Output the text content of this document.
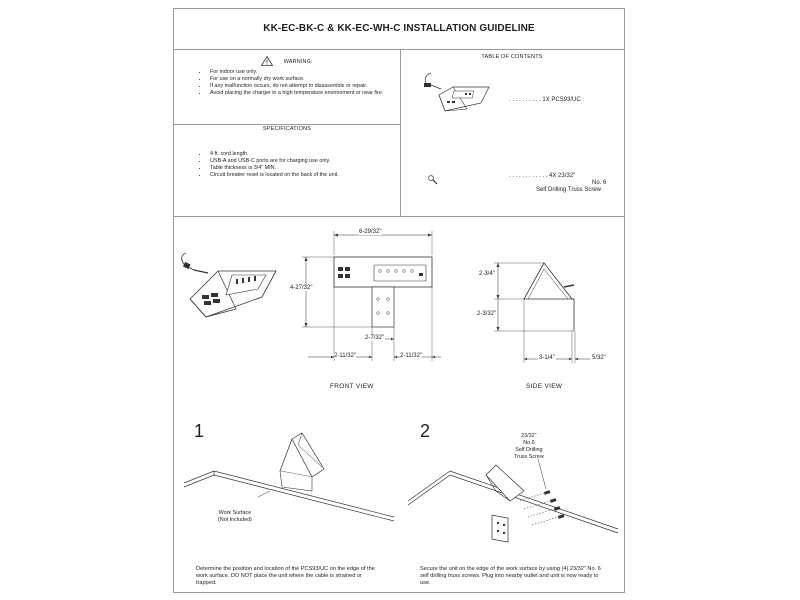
KK-EC-BK-C & KK-EC-WH-C INSTALLATION GUIDELINE
WARNING:
• For indoor use only.
• For use on a normally dry work surface.
• If any malfunction occurs, do not attempt to disassemble or repair.
• Avoid placing the charger in a high temperature environment or near fire.
SPECIFICATIONS
• 4 ft. cord length.
• USB-A and USB-C ports are for charging use only.
• Table thickness is 3/4" MIN.
• Circuit breaker reset is located on the back of the unit.
TABLE OF CONTENTS
. . . . . . . . . . 1X PCS93/UC
. . . . . . . . . . . . 4X 23/32"
No. 6
Self Drilling Truss Screw
6-29/32"
4-27/32"
2-7/32"
2-11/32"	2-11/32"
FRONT VIEW
2-3/4"
2-3/32"
3-1/4"	5/32"
SIDE VIEW
1
Work Surface
(Not Included)
Determine the position and location of the PCS93/UC on the edge of the work surface. DO NOT place the unit where the cable is strained or trapped.
2	23/32"
No.6
Self Drilling
Truss Screw
Secure the unit on the edge of the work surface by using (4) 23/32" No. 6 self drilling truss screws. Plug into nearby outlet and unit is now ready to use.
